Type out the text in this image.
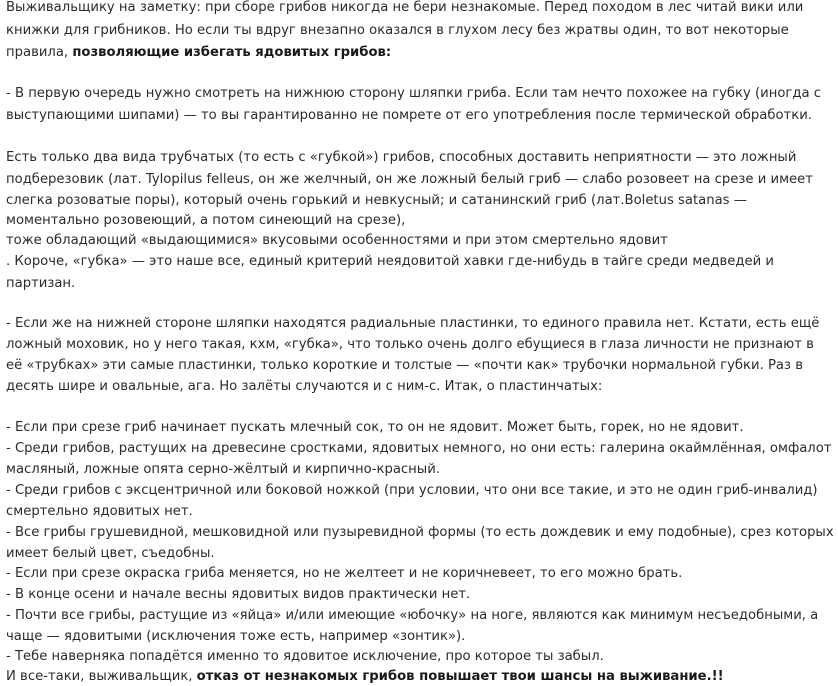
Выживальщику на заметку: при сборе грибов никогда не бери незнакомые. Перед походом в лес читай вики или
книжки для грибников. Но если ты вдруг внезапно оказался в глухом лесу без жратвы один, то вот некоторые
правила, позволяющие избегать ядовитых грибов:
- В первую очередь нужно смотреть на нижнюю сторону шляпки гриба. Если там нечто похожее на губку (иногда с
выступающими шипами) — то вы гарантированно не помрете от его употребления после термической обработки.
Есть только два вида трубчатых (то есть с «губкой») грибов, способных доставить неприятности — это ложный
подберезовик (лат. Tylopilus felleus, он же желчный, он же ложный белый гриб — слабо розовеет на срезе и имеет
слегка розоватые поры), который очень горький и невкусный; и сатанинский гриб (лат.Boletus satanas —
моментально розовеющий, а потом синеющий на срезе),
тоже обладающий «выдающимися» вкусовыми особенностями и при этом смертельно ядовит
. Короче, «губка» — это наше все, единый критерий неядовитой хавки где-нибудь в тайге среди медведей и
партизан.
- Если же на нижней стороне шляпки находятся радиальные пластинки, то единого правила нет. Кстати, есть ещё
ложный моховик, но у него такая, кхм, «губка», что только очень долго ебущиеся в глаза личности не признают в
её «трубках» эти самые пластинки, только короткие и толстые — «почти как» трубочки нормальной губки. Раз в
десять шире и овальные, ага. Но залёты случаются и с ним-с. Итак, о пластинчатых:
- Если при срезе гриб начинает пускать млечный сок, то он не ядовит. Может быть, горек, но не ядовит.
- Среди грибов, растущих на древесине сростками, ядовитых немного, но они есть: галерина окаймлённая, омфалот
масляный, ложные опята серно-жёлтый и кирпично-красный.
- Среди грибов с эксцентричной или боковой ножкой (при условии, что они все такие, и это не один гриб-инвалид)
смертельно ядовитых нет.
- Все грибы грушевидной, мешковидной или пузыревидной формы (то есть дождевик и ему подобные), срез которых
имеет белый цвет, съедобны.
- Если при срезе окраска гриба меняется, но не желтеет и не коричневеет, то его можно брать.
- В конце осени и начале весны ядовитых видов практически нет.
- Почти все грибы, растущие из «яйца» и/или имеющие «юбочку» на ноге, являются как минимум несъедобными, а
чаще — ядовитыми (исключения тоже есть, например «зонтик»).
- Тебе наверняка попадётся именно то ядовитое исключение, про которое ты забыл.
И все-таки, выживальщик, отказ от незнакомых грибов повышает твои шансы на выживание.!!
